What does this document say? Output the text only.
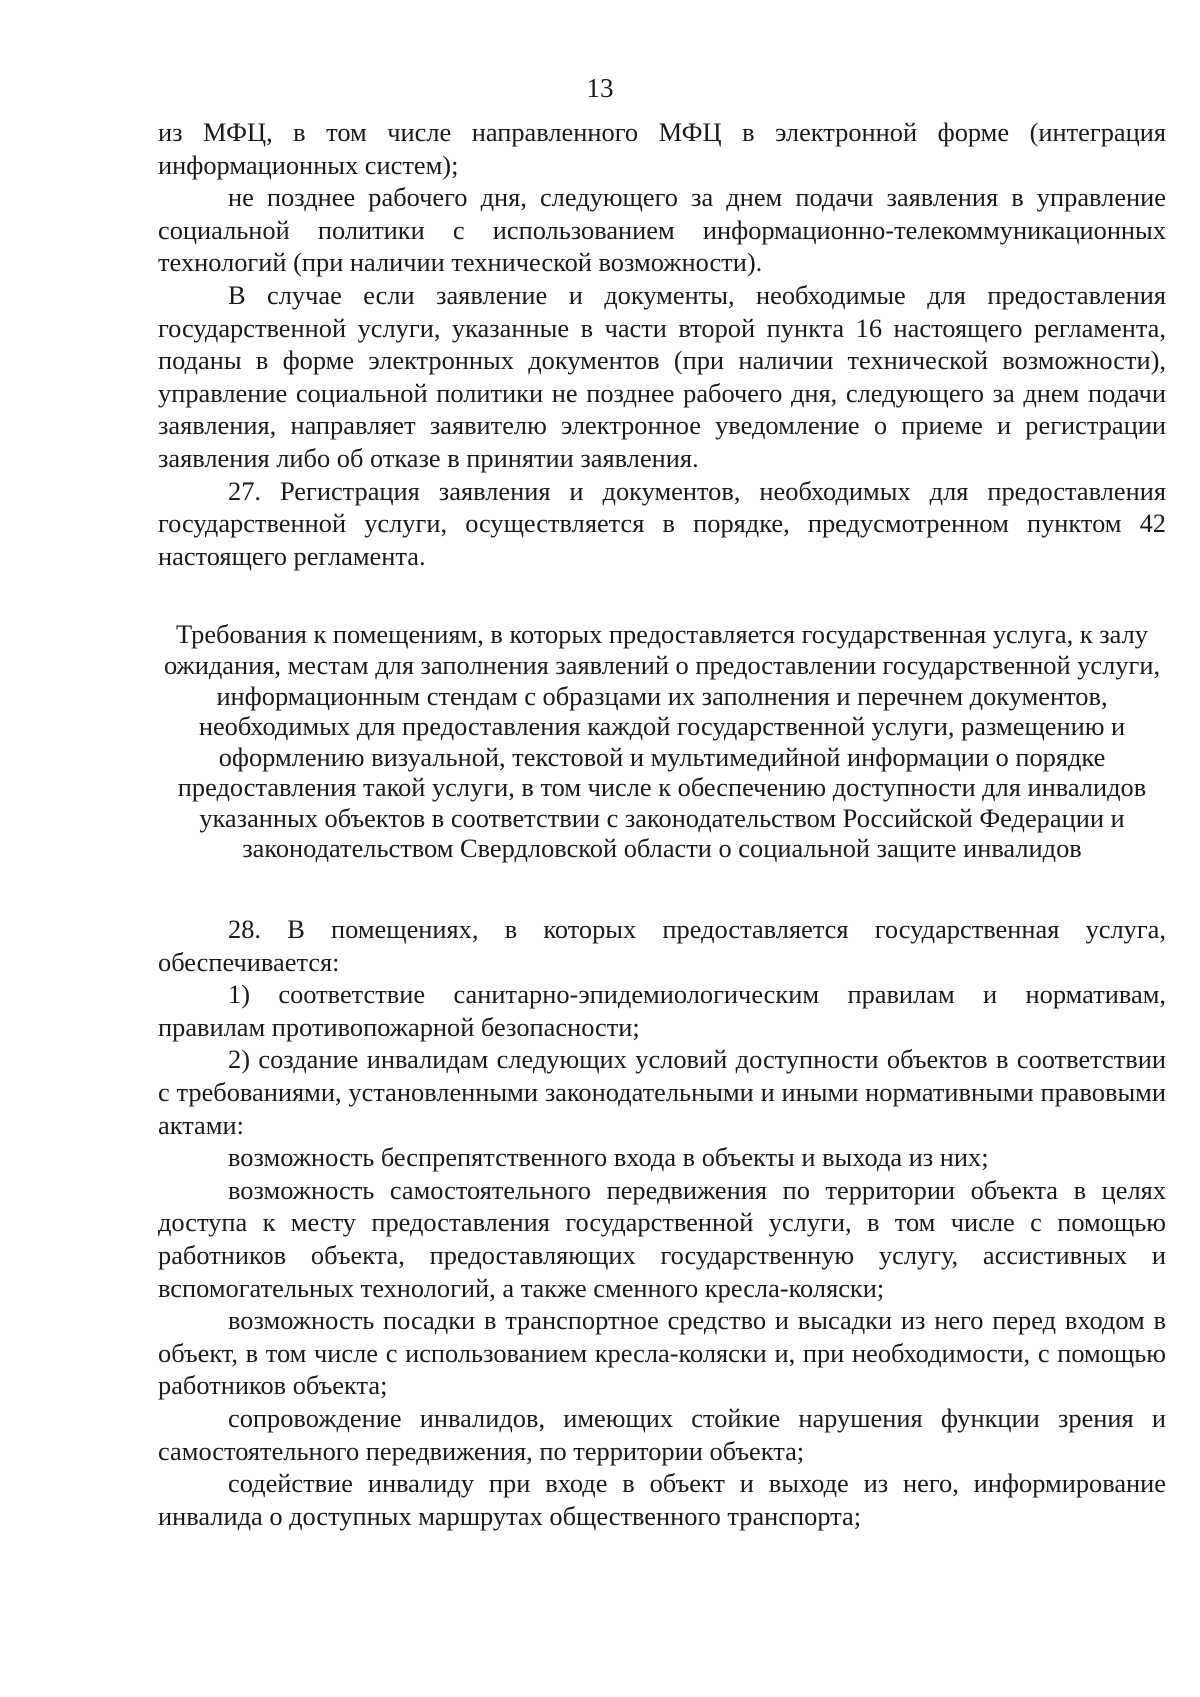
13

из МФЦ, в том числе направленного МФЦ в электронной форме (интеграция информационных систем);

не позднее рабочего дня, следующего за днем подачи заявления в управление социальной политики с использованием информационно-телекоммуникационных технологий (при наличии технической возможности).

В случае если заявление и документы, необходимые для предоставления государственной услуги, указанные в части второй пункта 16 настоящего регламента, поданы в форме электронных документов (при наличии технической возможности), управление социальной политики не позднее рабочего дня, следующего за днем подачи заявления, направляет заявителю электронное уведомление о приеме и регистрации заявления либо об отказе в принятии заявления.

27. Регистрация заявления и документов, необходимых для предоставления государственной услуги, осуществляется в порядке, предусмотренном пунктом 42 настоящего регламента.

Требования к помещениям, в которых предоставляется государственная услуга, к залу ожидания, местам для заполнения заявлений о предоставлении государственной услуги, информационным стендам с образцами их заполнения и перечнем документов, необходимых для предоставления каждой государственной услуги, размещению и оформлению визуальной, текстовой и мультимедийной информации о порядке предоставления такой услуги, в том числе к обеспечению доступности для инвалидов указанных объектов в соответствии с законодательством Российской Федерации и законодательством Свердловской области о социальной защите инвалидов

28. В помещениях, в которых предоставляется государственная услуга, обеспечивается:

1) соответствие санитарно-эпидемиологическим правилам и нормативам, правилам противопожарной безопасности;

2) создание инвалидам следующих условий доступности объектов в соответствии с требованиями, установленными законодательными и иными нормативными правовыми актами:

возможность беспрепятственного входа в объекты и выхода из них;

возможность самостоятельного передвижения по территории объекта в целях доступа к месту предоставления государственной услуги, в том числе с помощью работников объекта, предоставляющих государственную услугу, ассистивных и вспомогательных технологий, а также сменного кресла-коляски;

возможность посадки в транспортное средство и высадки из него перед входом в объект, в том числе с использованием кресла-коляски и, при необходимости, с помощью работников объекта;

сопровождение инвалидов, имеющих стойкие нарушения функции зрения и самостоятельного передвижения, по территории объекта;

содействие инвалиду при входе в объект и выходе из него, информирование инвалида о доступных маршрутах общественного транспорта;
